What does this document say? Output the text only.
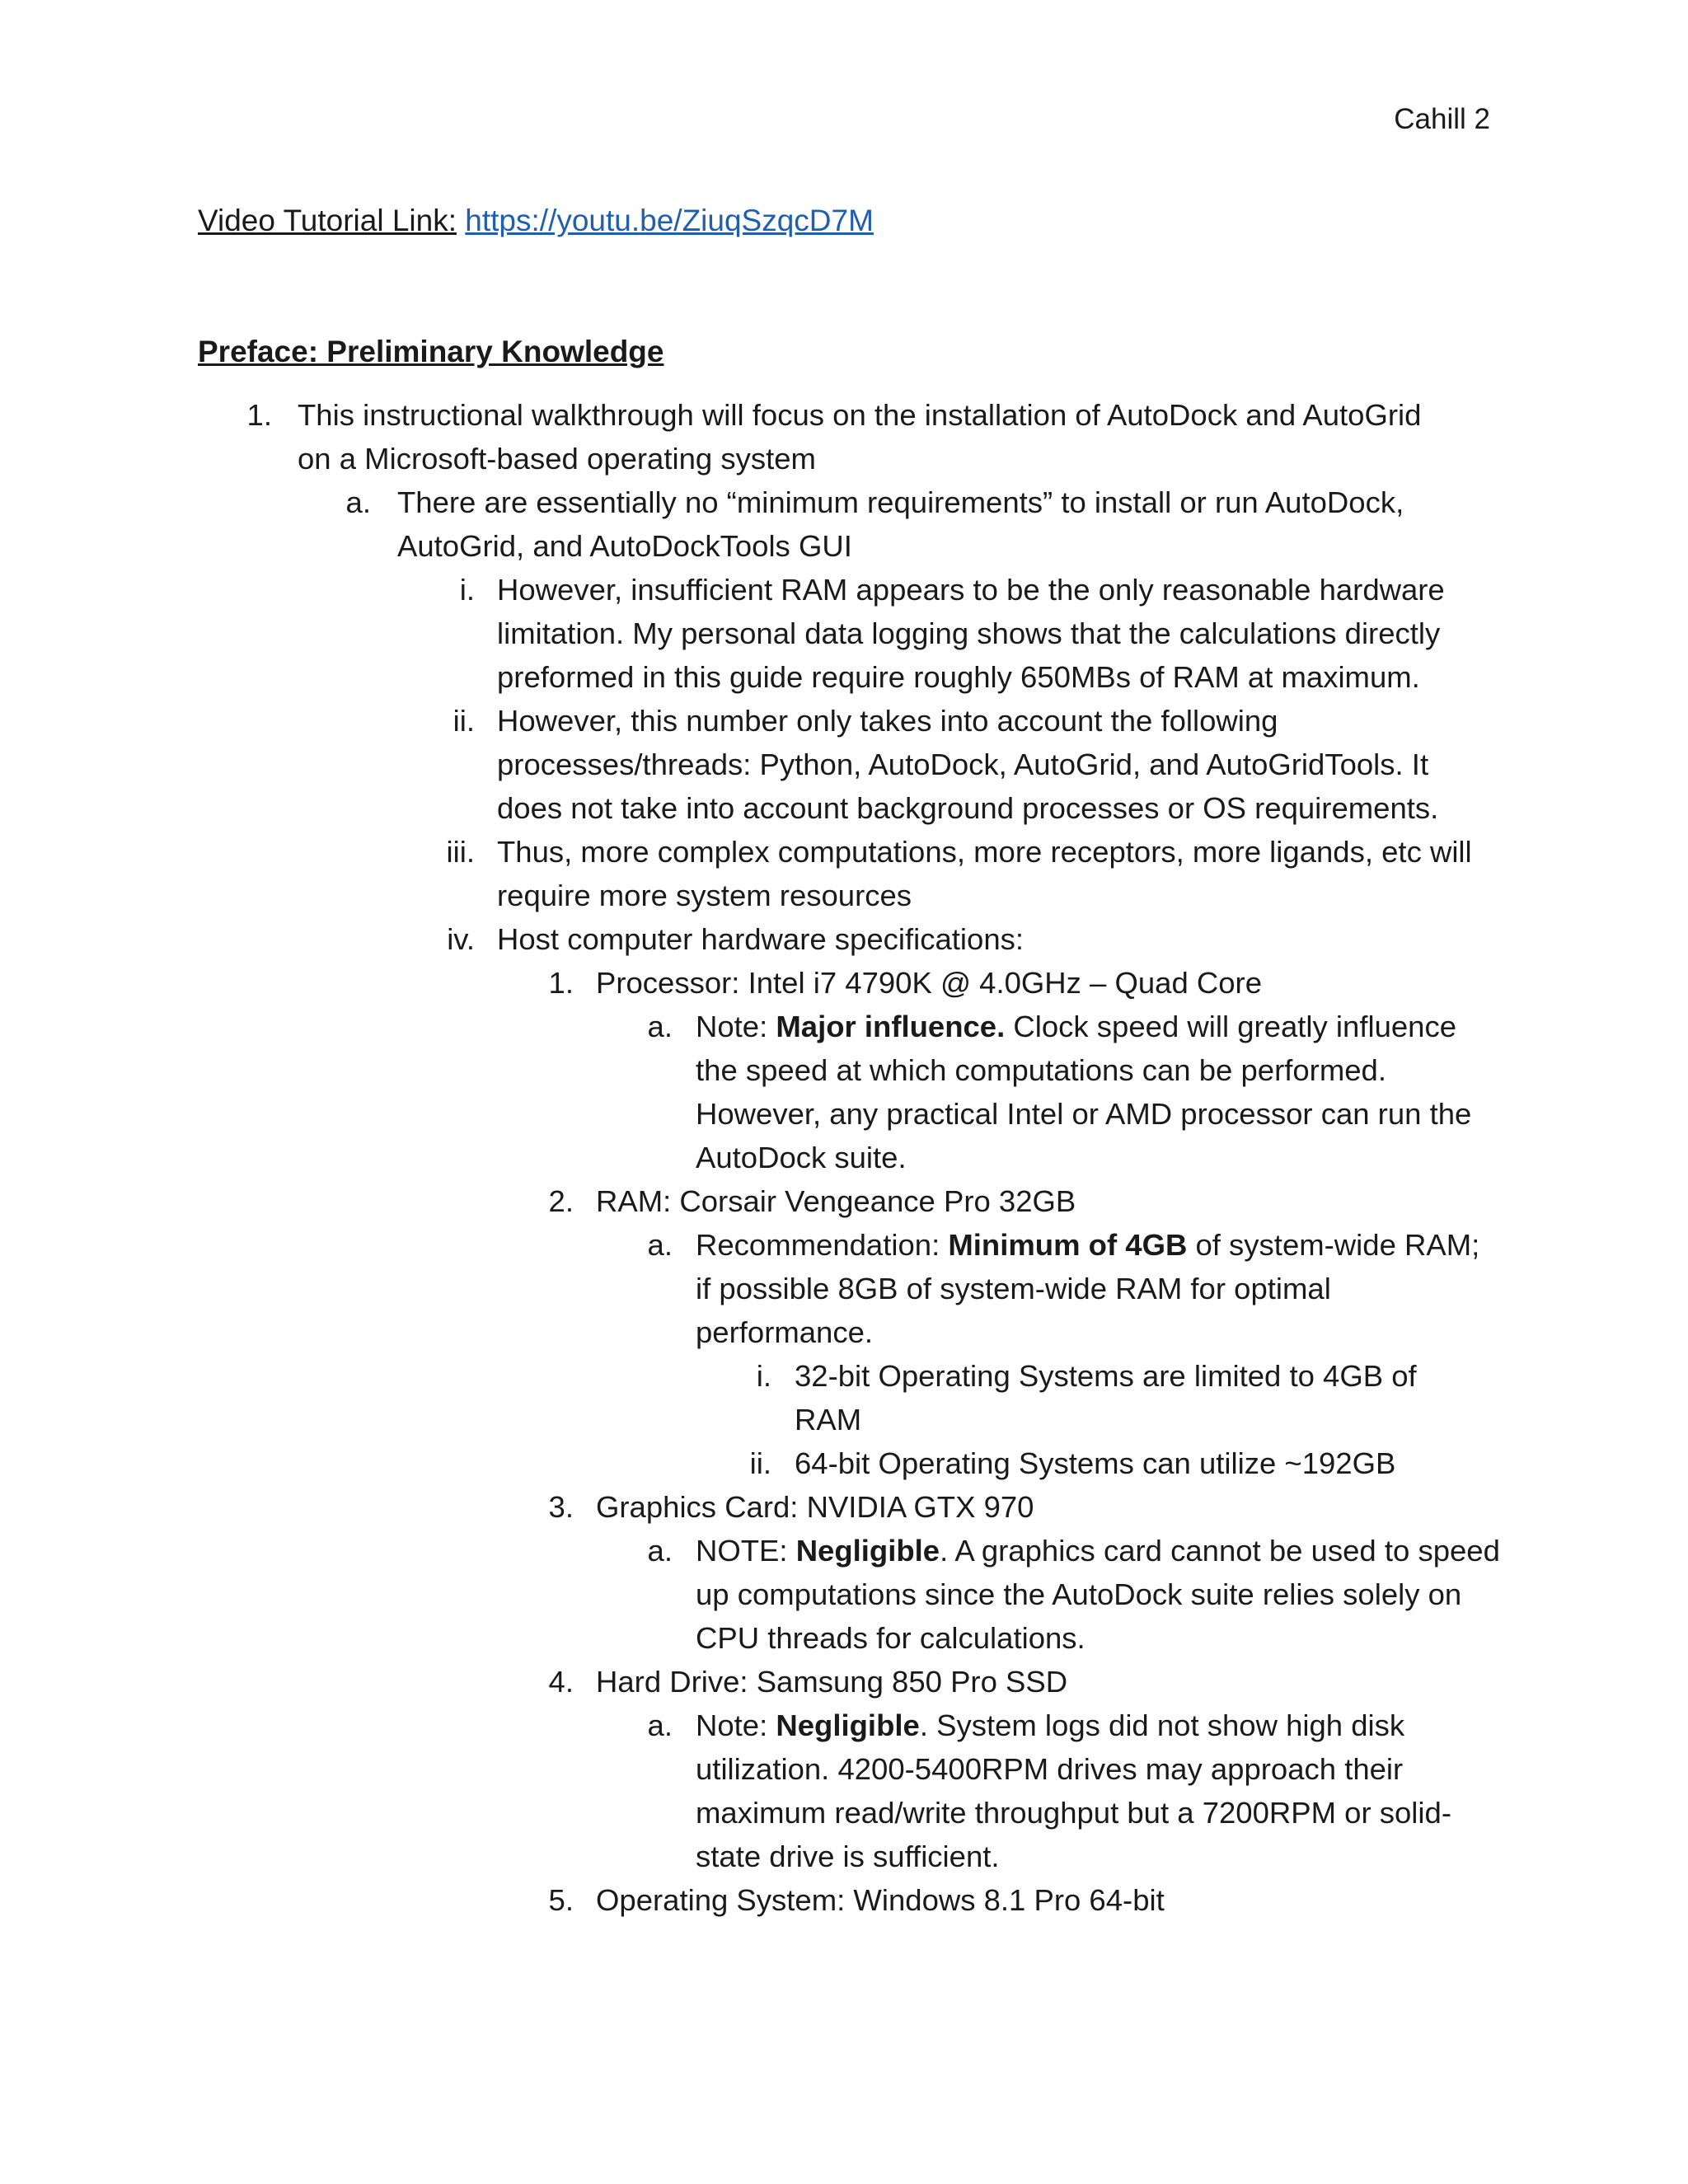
Cahill 2
Video Tutorial Link: https://youtu.be/ZiuqSzqcD7M
Preface: Preliminary Knowledge
1. This instructional walkthrough will focus on the installation of AutoDock and AutoGrid
on a Microsoft-based operating system
a. There are essentially no “minimum requirements” to install or run AutoDock,
AutoGrid, and AutoDockTools GUI
i. However, insufficient RAM appears to be the only reasonable hardware
limitation. My personal data logging shows that the calculations directly
preformed in this guide require roughly 650MBs of RAM at maximum.
ii. However, this number only takes into account the following
processes/threads: Python, AutoDock, AutoGrid, and AutoGridTools. It
does not take into account background processes or OS requirements.
iii. Thus, more complex computations, more receptors, more ligands, etc will
require more system resources
iv. Host computer hardware specifications:
1. Processor: Intel i7 4790K @ 4.0GHz – Quad Core
a. Note: Major influence. Clock speed will greatly influence
the speed at which computations can be performed.
However, any practical Intel or AMD processor can run the
AutoDock suite.
2. RAM: Corsair Vengeance Pro 32GB
a. Recommendation: Minimum of 4GB of system-wide RAM;
if possible 8GB of system-wide RAM for optimal
performance.
i. 32-bit Operating Systems are limited to 4GB of
RAM
ii. 64-bit Operating Systems can utilize ~192GB
3. Graphics Card: NVIDIA GTX 970
a. NOTE: Negligible. A graphics card cannot be used to speed
up computations since the AutoDock suite relies solely on
CPU threads for calculations.
4. Hard Drive: Samsung 850 Pro SSD
a. Note: Negligible. System logs did not show high disk
utilization. 4200-5400RPM drives may approach their
maximum read/write throughput but a 7200RPM or solid-
state drive is sufficient.
5. Operating System: Windows 8.1 Pro 64-bit
